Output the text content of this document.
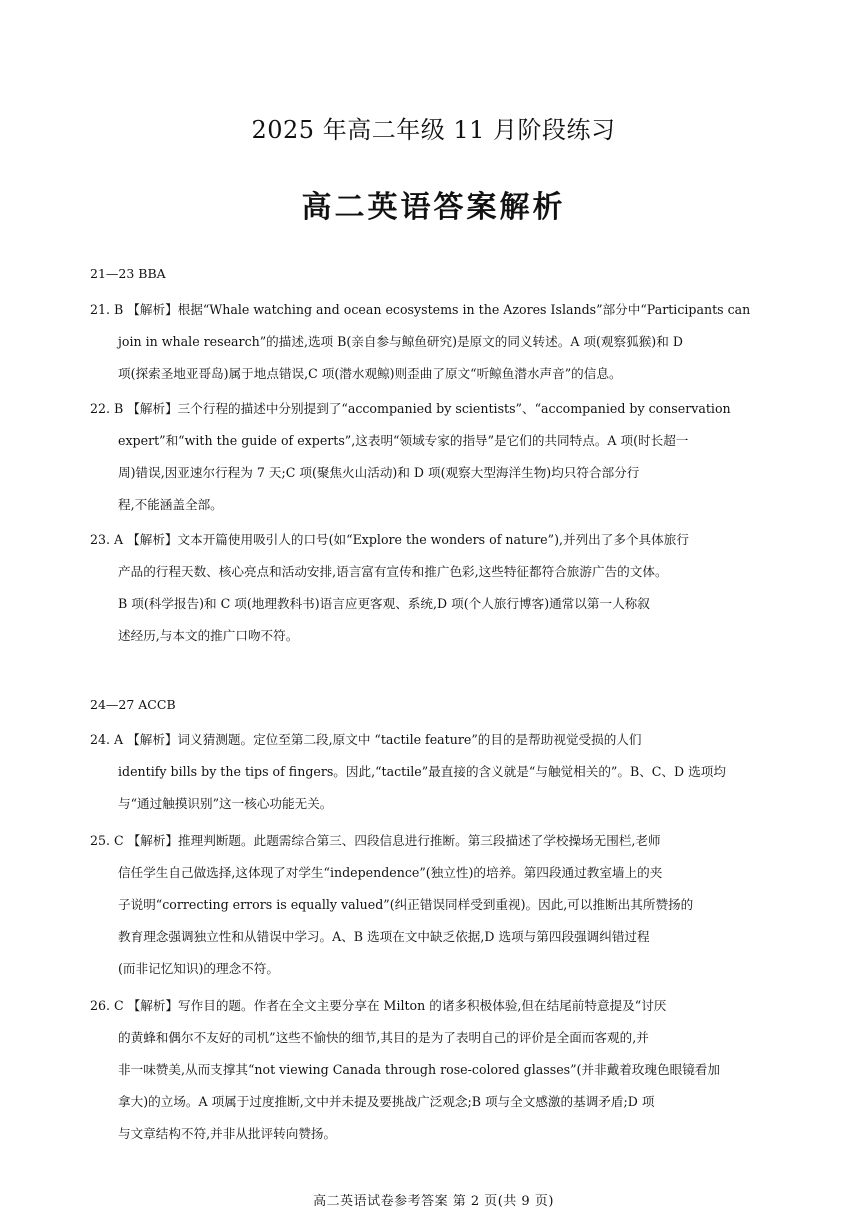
2025 年高二年级 11 月阶段练习
高二英语答案解析
21—23 BBA
21. B 【解析】根据“Whale watching and ocean ecosystems in the Azores Islands”部分中“Participants can
join in whale research”的描述,选项 B(亲自参与鲸鱼研究)是原文的同义转述。A 项(观察狐猴)和 D
项(探索圣地亚哥岛)属于地点错误,C 项(潜水观鲸)则歪曲了原文“听鲸鱼潜水声音”的信息。
22. B 【解析】三个行程的描述中分别提到了“accompanied by scientists”、“accompanied by conservation
expert”和“with the guide of experts”,这表明“领域专家的指导”是它们的共同特点。A 项(时长超一
周)错误,因亚速尔行程为 7 天;C 项(聚焦火山活动)和 D 项(观察大型海洋生物)均只符合部分行
程,不能涵盖全部。
23. A 【解析】文本开篇使用吸引人的口号(如“Explore the wonders of nature”),并列出了多个具体旅行
产品的行程天数、核心亮点和活动安排,语言富有宣传和推广色彩,这些特征都符合旅游广告的文体。
B 项(科学报告)和 C 项(地理教科书)语言应更客观、系统,D 项(个人旅行博客)通常以第一人称叙
述经历,与本文的推广口吻不符。
24—27 ACCB
24. A 【解析】词义猜测题。定位至第二段,原文中 “tactile feature”的目的是帮助视觉受损的人们
identify bills by the tips of fingers。因此,“tactile”最直接的含义就是“与触觉相关的”。B、C、D 选项均
与“通过触摸识别”这一核心功能无关。
25. C 【解析】推理判断题。此题需综合第三、四段信息进行推断。第三段描述了学校操场无围栏,老师
信任学生自己做选择,这体现了对学生“independence”(独立性)的培养。第四段通过教室墙上的夹
子说明“correcting errors is equally valued”(纠正错误同样受到重视)。因此,可以推断出其所赞扬的
教育理念强调独立性和从错误中学习。A、B 选项在文中缺乏依据,D 选项与第四段强调纠错过程
(而非记忆知识)的理念不符。
26. C 【解析】写作目的题。作者在全文主要分享在 Milton 的诸多积极体验,但在结尾前特意提及“讨厌
的黄蜂和偶尔不友好的司机”这些不愉快的细节,其目的是为了表明自己的评价是全面而客观的,并
非一味赞美,从而支撑其“not viewing Canada through rose-colored glasses”(并非戴着玫瑰色眼镜看加
拿大)的立场。A 项属于过度推断,文中并未提及要挑战广泛观念;B 项与全文感激的基调矛盾;D 项
与文章结构不符,并非从批评转向赞扬。
高二英语试卷参考答案 第 2 页(共 9 页)
